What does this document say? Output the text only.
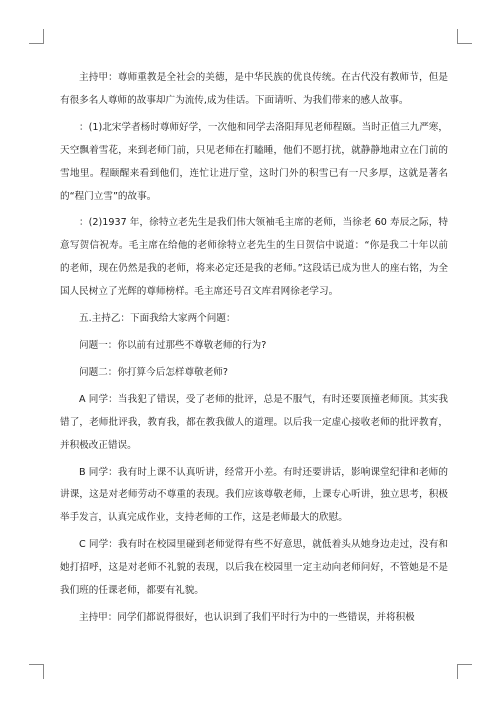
主持甲：尊师重教是全社会的美德，是中华民族的优良传统。在古代没有教师节，但是有很多名人尊师的故事却广为流传,成为佳话。下面请听、为我们带来的感人故事。

：(1)北宋学者杨时尊师好学，一次他和同学去洛阳拜见老师程颐。当时正值三九严寒，天空飘着雪花，来到老师门前，只见老师在打瞌睡，他们不愿打扰，就静静地肃立在门前的雪地里。程颐醒来看到他们，连忙让进厅堂，这时门外的积雪已有一尺多厚，这就是著名的“程门立雪”的故事。

：(2)1937 年，徐特立老先生是我们伟大领袖毛主席的老师，当徐老 60 寿辰之际，特意写贺信祝寿。毛主席在给他的老师徐特立老先生的生日贺信中说道：“你是我二十年以前的老师，现在仍然是我的老师，将来必定还是我的老师。”这段话已成为世人的座右铭，为全国人民树立了光辉的尊师榜样。毛主席还号召文库君网徐老学习。

五.主持乙：下面我给大家两个问题：

问题一：你以前有过那些不尊敬老师的行为?

问题二：你打算今后怎样尊敬老师?

A 同学：当我犯了错误，受了老师的批评，总是不服气，有时还要顶撞老师顶。其实我错了，老师批评我，教育我，都在教我做人的道理。以后我一定虚心接收老师的批评教育，并积极改正错误。

B 同学：我有时上课不认真听讲，经常开小差。有时还要讲话，影响课堂纪律和老师的讲课，这是对老师劳动不尊重的表现。我们应该尊敬老师，上课专心听讲，独立思考，积极举手发言，认真完成作业，支持老师的工作，这是老师最大的欣慰。

C 同学：我有时在校园里碰到老师觉得有些不好意思，就低着头从她身边走过，没有和她打招呼，这是对老师不礼貌的表现，以后我在校园里一定主动向老师问好，不管她是不是我们班的任课老师，都要有礼貌。

主持甲：同学们都说得很好，也认识到了我们平时行为中的一些错误，并将积极
